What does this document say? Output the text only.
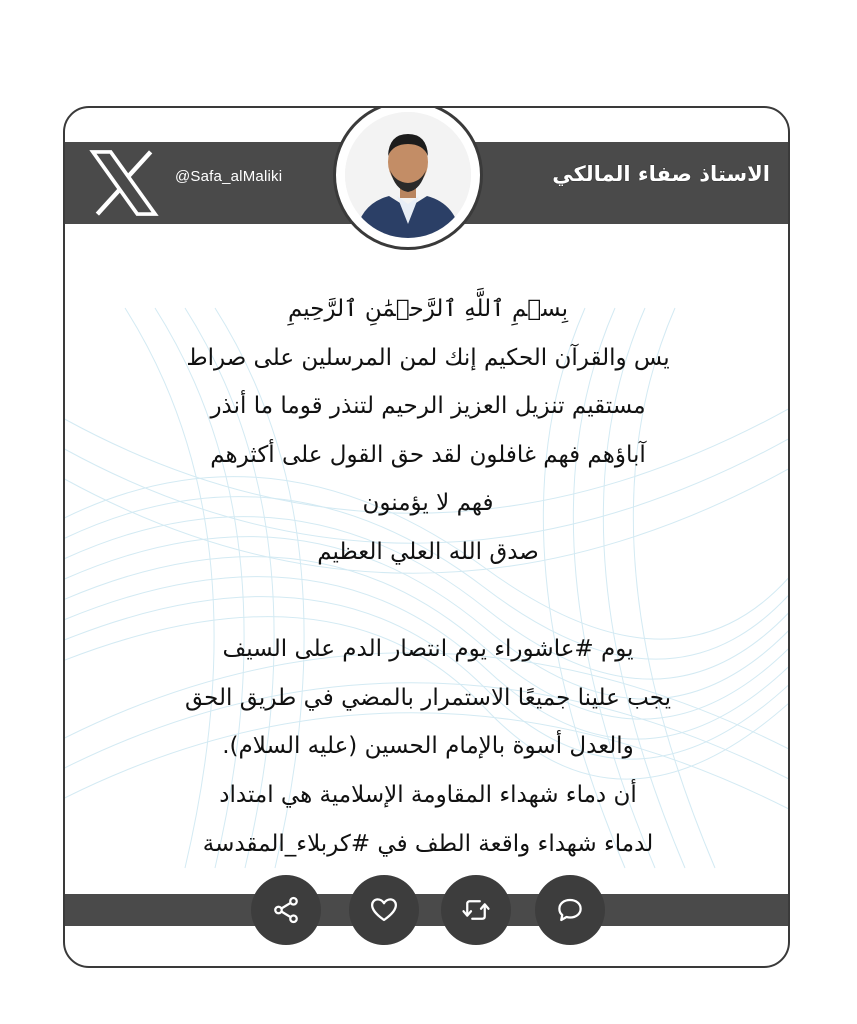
@Safa_alMaliki	الاستاذ صفاء المالكي
بِسۡمِ ٱللَّهِ ٱلرَّحۡمَٰنِ ٱلرَّحِيمِ
يس والقرآن الحكيم إنك لمن المرسلين على صراط
مستقيم تنزيل العزيز الرحيم لتنذر قوما ما أنذر
آباؤهم فهم غافلون لقد حق القول على أكثرهم
فهم لا يؤمنون
صدق الله العلي العظيم
يوم #عاشوراء يوم انتصار الدم على السيف
يجب علينا جميعًا الاستمرار بالمضي في طريق الحق
والعدل أسوة بالإمام الحسين (عليه السلام).
أن دماء شهداء المقاومة الإسلامية هي امتداد
لدماء شهداء واقعة الطف في #كربلاء_المقدسة
